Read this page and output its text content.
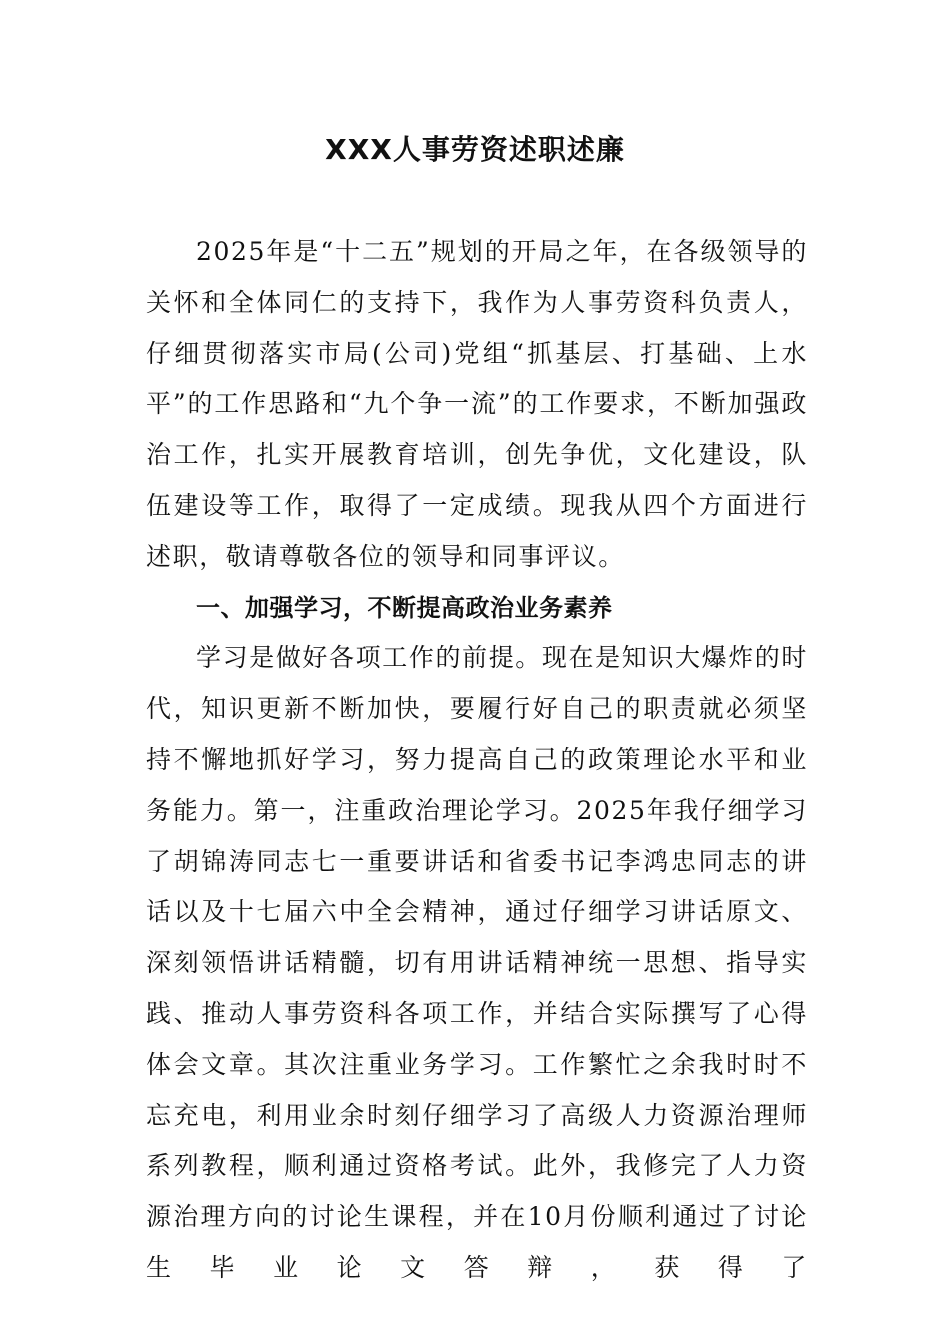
XXX人事劳资述职述廉

2025年是“十二五”规划的开局之年，在各级领导的关怀和全体同仁的支持下，我作为人事劳资科负责人，仔细贯彻落实市局(公司)党组“抓基层、打基础、上水平”的工作思路和“九个争一流”的工作要求，不断加强政治工作，扎实开展教育培训，创先争优，文化建设，队伍建设等工作，取得了一定成绩。现我从四个方面进行述职，敬请尊敬各位的领导和同事评议。

一、加强学习，不断提高政治业务素养

学习是做好各项工作的前提。现在是知识大爆炸的时代，知识更新不断加快，要履行好自己的职责就必须坚持不懈地抓好学习，努力提高自己的政策理论水平和业务能力。第一，注重政治理论学习。2025年我仔细学习了胡锦涛同志七一重要讲话和省委书记李鸿忠同志的讲话以及十七届六中全会精神，通过仔细学习讲话原文、深刻领悟讲话精髓，切有用讲话精神统一思想、指导实践、推动人事劳资科各项工作，并结合实际撰写了心得体会文章。其次注重业务学习。工作繁忙之余我时时不忘充电，利用业余时刻仔细学习了高级人力资源治理师系列教程，顺利通过资格考试。此外，我修完了人力资源治理方向的讨论生课程，并在10月份顺利通过了讨论生毕业论文答辩，获得了
